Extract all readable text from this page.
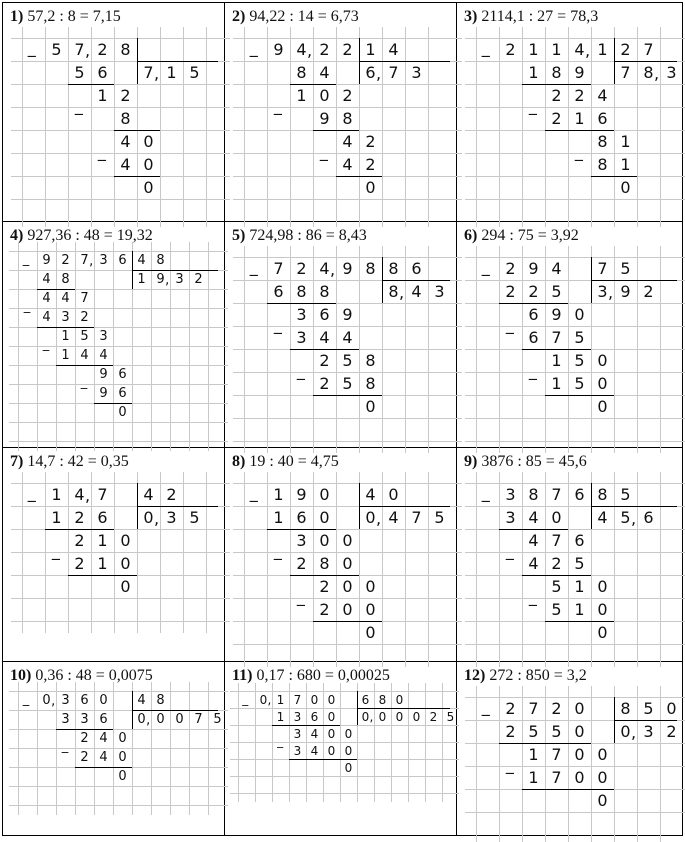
1) 57,2 : 8 = 7,15
5 7 , 2 8
_
7 , 1 5
5 6
1 2
_
8
4 0
_
4 0
0
2) 94,22 : 14 = 6,73
9 4 , 2 2 1 4
_
6 , 7 3
8 4
1 0 2
_
9 8
4 2
_
4 2
0
3) 2114,1 : 27 = 78,3
2 1 1 4 , 1 2 7
_
7 8 , 3
1 8 9
2 2 4
_
2 1 6
8 1
_
8 1
0
4) 927,36 : 48 = 19,32
9 2 7 , 3 6 4 8
_
1 9 , 3 2
4 8
4 4 7
_
4 3 2
1 5 3
_
1 4 4
9 6
_
9 6
0
5) 724,98 : 86 = 8,43
7 2 4 , 9 8 8 6
_
8 , 4 3
6 8 8
3 6 9
_
3 4 4
2 5 8
_
2 5 8
0
6) 294 : 75 = 3,92
2 9 4	7 5
_
3 , 9 2
2 2 5
6 9 0
_
6 7 5
1 5 0
_
1 5 0
0
7) 14,7 : 42 = 0,35
1 4 , 7	4 2
_
0 , 3 5
1 2 6
2 1 0
_
2 1 0
0
8) 19 : 40 = 4,75
1 9 0	4 0
_
0 , 4 7 5
1 6 0
3 0 0
_
2 8 0
2 0 0
_
2 0 0
0
9) 3876 : 85 = 45,6
3 8 7 6 8 5
_
4 5 , 6
3 4 0
4 7 6
_
4 2 5
5 1 0
_
5 1 0
0
10) 0,36 : 48 = 0,0075
0 , 3 6 0	4 8
_
0 , 0 0 7 5
3 3 6
2 4 0
_
2 4 0
0
11) 0,17 : 680 = 0,00025
0 , 1 7 0 0	6 8 0
_
0 , 0 0 0 2 5
1 3 6 0
3 4 0 0
_
3 4 0 0
0
12) 272 : 850 = 3,2
2 7 2 0	8 5 0
_
0 , 3 2
2 5 5 0
1 7 0 0
_
1 7 0 0
0
